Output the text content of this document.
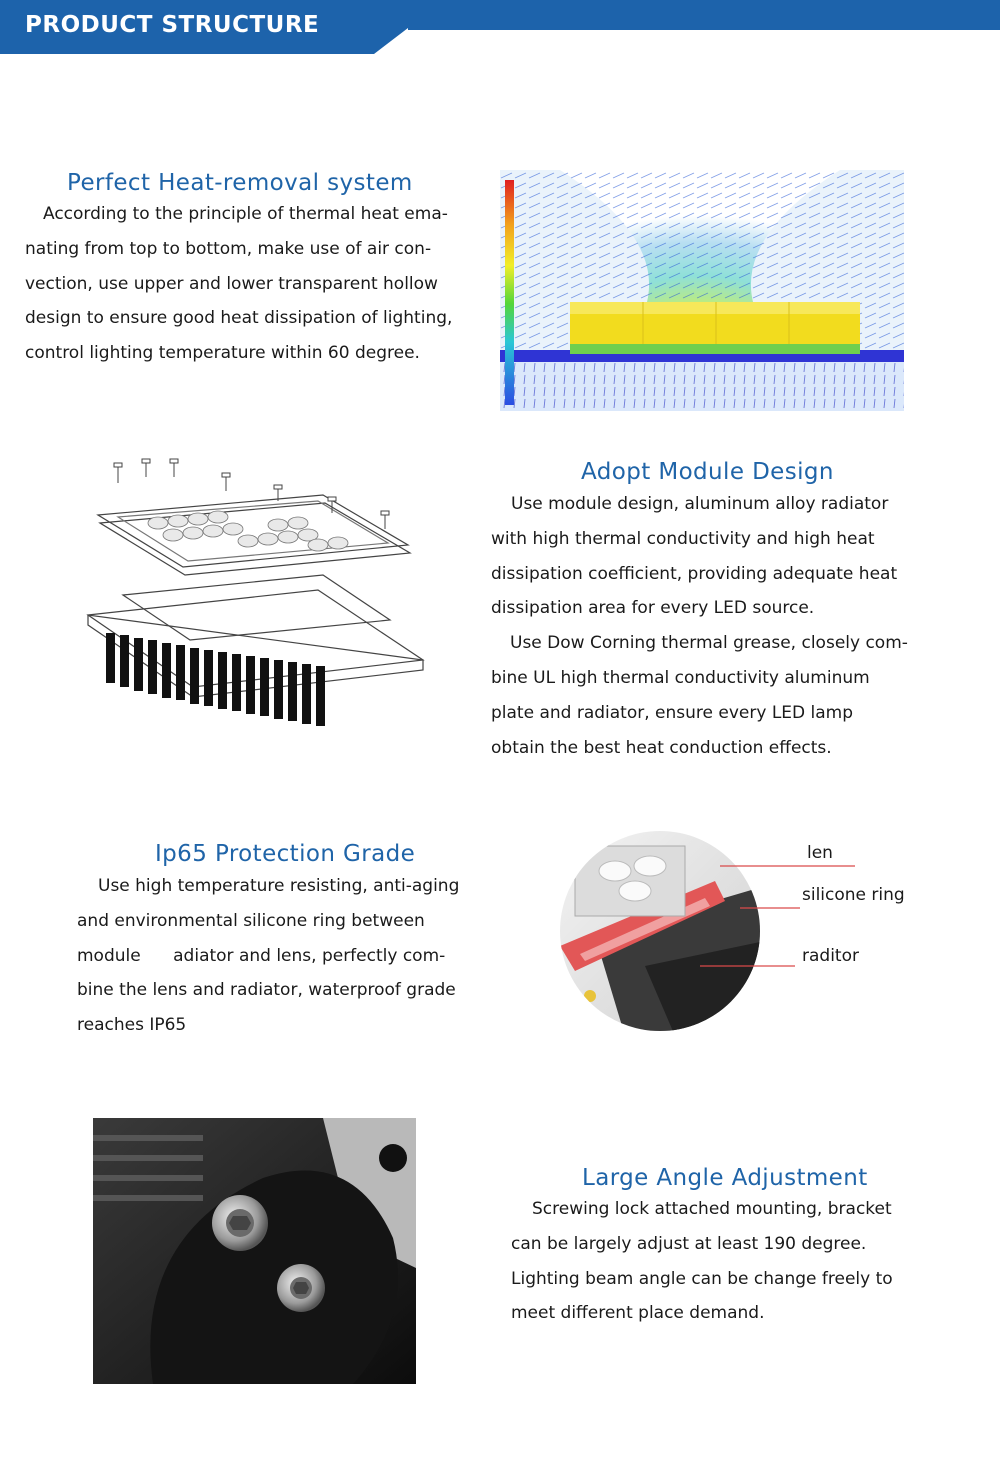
PRODUCT STRUCTURE
Perfect Heat-removal system
According to the principle of thermal heat ema-
nating from top to bottom, make use of air con-
vection, use upper and lower transparent hollow
design to ensure good heat dissipation of lighting,
control lighting temperature within 60 degree.
Adopt Module Design
Use module design, aluminum alloy radiator
with high thermal conductivity and high heat
dissipation coefficient, providing adequate heat
dissipation area for every LED source.
Use Dow Corning thermal grease, closely com-
bine UL high thermal conductivity aluminum
plate and radiator, ensure every LED lamp
obtain the best heat conduction effects.
Ip65 Protection Grade
Use high temperature resisting, anti-aging
and environmental silicone ring between
module      adiator and lens, perfectly com-
bine the lens and radiator, waterproof grade
reaches IP65
len
silicone ring
raditor
Large Angle Adjustment
Screwing lock attached mounting, bracket
can be largely adjust at least 190 degree.
Lighting beam angle can be change freely to
meet different place demand.
